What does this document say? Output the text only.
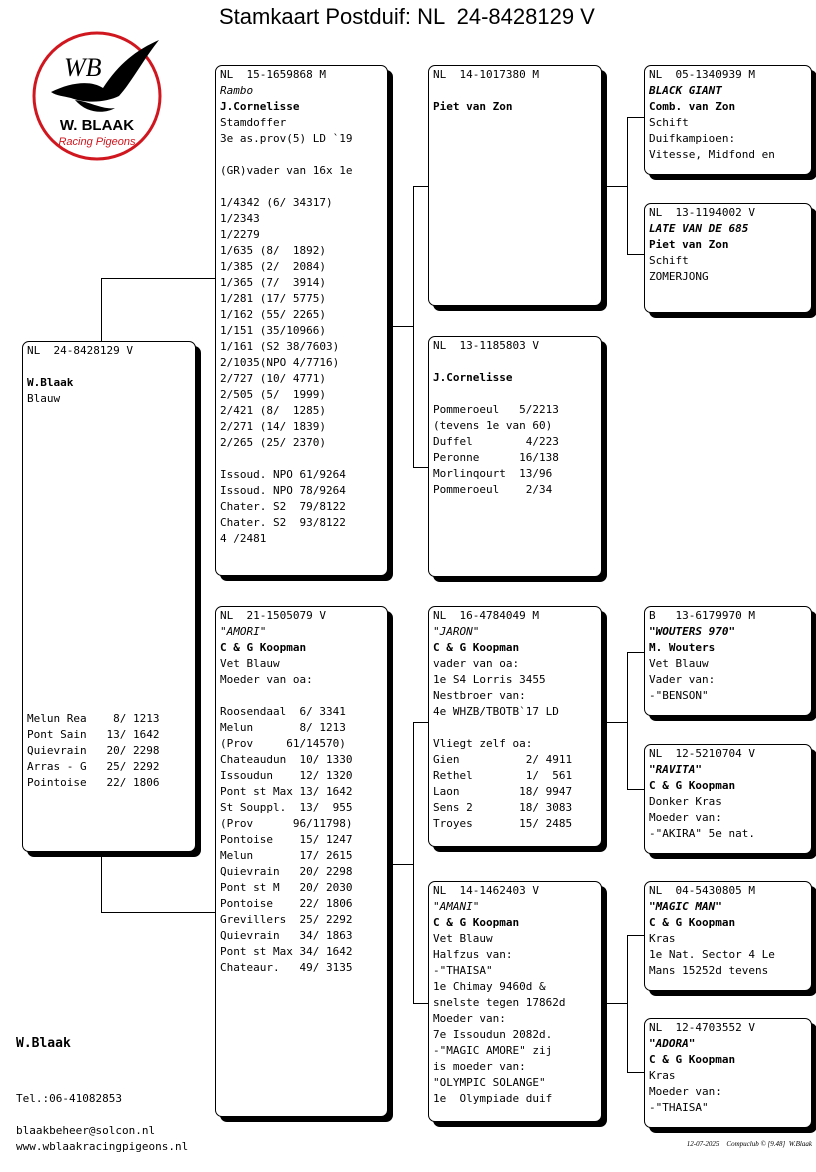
Stamkaart Postduif: NL  24-8428129 V
WB
W. BLAAK
Racing Pigeons
NL  24-8428129 V
W.Blaak
Blauw
Melun Rea    8/ 1213
Pont Sain   13/ 1642
Quievrain   20/ 2298
Arras - G   25/ 2292
Pointoise   22/ 1806
NL  15-1659868 M
Rambo
J.Cornelisse
Stamdoffer
3e as.prov(5) LD `19
(GR)vader van 16x 1e
1/4342 (6/ 34317)
1/2343
1/2279
1/635 (8/  1892)
1/385 (2/  2084)
1/365 (7/  3914)
1/281 (17/ 5775)
1/162 (55/ 2265)
1/151 (35/10966)
1/161 (S2 38/7603)
2/1035(NPO 4/7716)
2/727 (10/ 4771)
2/505 (5/  1999)
2/421 (8/  1285)
2/271 (14/ 1839)
2/265 (25/ 2370)
Issoud. NPO 61/9264
Issoud. NPO 78/9264
Chater. S2  79/8122
Chater. S2  93/8122
4 /2481
NL  21-1505079 V
"AMORI"
C & G Koopman
Vet Blauw
Moeder van oa:
Roosendaal  6/ 3341
Melun       8/ 1213
(Prov     61/14570)
Chateaudun  10/ 1330
Issoudun    12/ 1320
Pont st Max 13/ 1642
St Souppl.  13/  955
(Prov      96/11798)
Pontoise    15/ 1247
Melun       17/ 2615
Quievrain   20/ 2298
Pont st M   20/ 2030
Pontoise    22/ 1806
Grevillers  25/ 2292
Quievrain   34/ 1863
Pont st Max 34/ 1642
Chateaur.   49/ 3135
NL  14-1017380 M
Piet van Zon
NL  13-1185803 V
J.Cornelisse
Pommeroeul   5/2213
(tevens 1e van 60)
Duffel        4/223
Peronne      16/138
Morlinqourt  13/96
Pommeroeul    2/34
NL  16-4784049 M
"JARON"
C & G Koopman
vader van oa:
1e S4 Lorris 3455
Nestbroer van:
4e WHZB/TBOTB`17 LD
Vliegt zelf oa:
Gien          2/ 4911
Rethel        1/  561
Laon         18/ 9947
Sens 2       18/ 3083
Troyes       15/ 2485
NL  14-1462403 V
"AMANI"
C & G Koopman
Vet Blauw
Halfzus van:
-"THAISA"
1e Chimay 9460d &
snelste tegen 17862d
Moeder van:
7e Issoudun 2082d.
-"MAGIC AMORE" zij
is moeder van:
"OLYMPIC SOLANGE"
1e  Olympiade duif
NL  05-1340939 M
BLACK GIANT
Comb. van Zon
Schift
Duifkampioen:
Vitesse, Midfond en
NL  13-1194002 V
LATE VAN DE 685
Piet van Zon
Schift
ZOMERJONG
B   13-6179970 M
"WOUTERS 970"
M. Wouters
Vet Blauw
Vader van:
-"BENSON"
NL  12-5210704 V
"RAVITA"
C & G Koopman
Donker Kras
Moeder van:
-"AKIRA" 5e nat.
NL  04-5430805 M
"MAGIC MAN"
C & G Koopman
Kras
1e Nat. Sector 4 Le
Mans 15252d tevens
NL  12-4703552 V
"ADORA"
C & G Koopman
Kras
Moeder van:
-"THAISA"
W.Blaak
Tel.:06-41082853
blaakbeheer@solcon.nl
www.wblaakracingpigeons.nl	12-07-2025    Compuclub © [9.48]  W.Blaak
